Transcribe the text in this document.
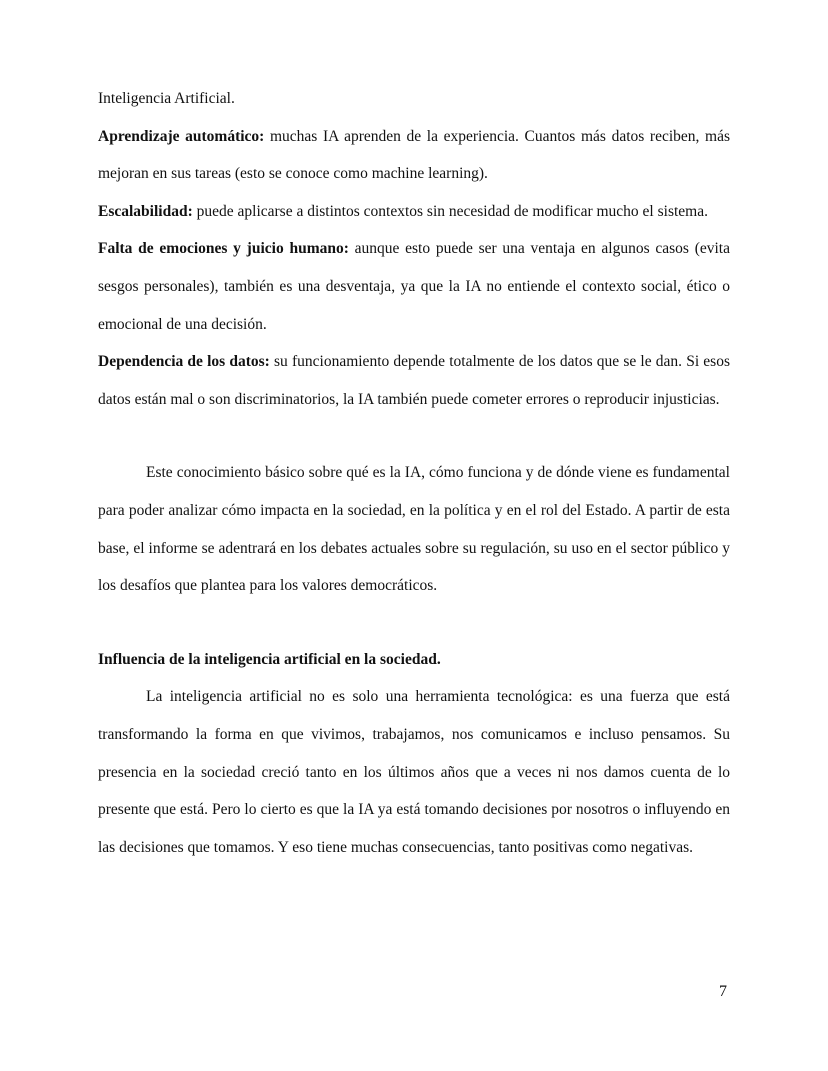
Inteligencia Artificial.

Aprendizaje automático: muchas IA aprenden de la experiencia. Cuantos más datos reciben, más mejoran en sus tareas (esto se conoce como machine learning).

Escalabilidad: puede aplicarse a distintos contextos sin necesidad de modificar mucho el sistema.

Falta de emociones y juicio humano: aunque esto puede ser una ventaja en algunos casos (evita sesgos personales), también es una desventaja, ya que la IA no entiende el contexto social, ético o emocional de una decisión.

Dependencia de los datos: su funcionamiento depende totalmente de los datos que se le dan. Si esos datos están mal o son discriminatorios, la IA también puede cometer errores o reproducir injusticias.

Este conocimiento básico sobre qué es la IA, cómo funciona y de dónde viene es fundamental para poder analizar cómo impacta en la sociedad, en la política y en el rol del Estado. A partir de esta base, el informe se adentrará en los debates actuales sobre su regulación, su uso en el sector público y los desafíos que plantea para los valores democráticos.

Influencia de la inteligencia artificial en la sociedad.

La inteligencia artificial no es solo una herramienta tecnológica: es una fuerza que está transformando la forma en que vivimos, trabajamos, nos comunicamos e incluso pensamos. Su presencia en la sociedad creció tanto en los últimos años que a veces ni nos damos cuenta de lo presente que está. Pero lo cierto es que la IA ya está tomando decisiones por nosotros o influyendo en las decisiones que tomamos. Y eso tiene muchas consecuencias, tanto positivas como negativas.

7
